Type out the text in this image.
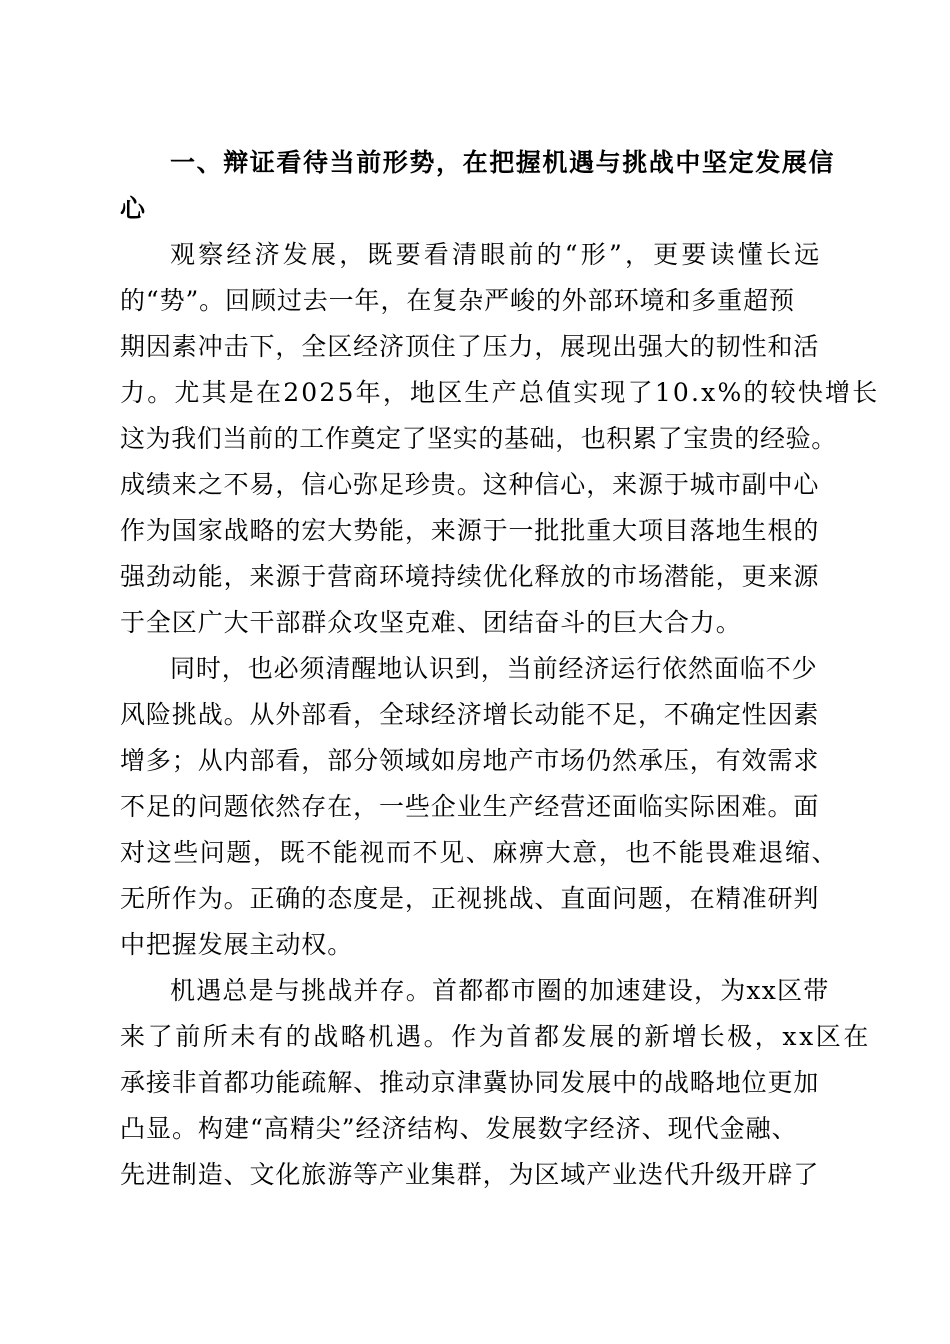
一、辩证看待当前形势，在把握机遇与挑战中坚定发展信
心
观察经济发展，既要看清眼前的“形”，更要读懂长远
的“势”。回顾过去一年，在复杂严峻的外部环境和多重超预
期因素冲击下，全区经济顶住了压力，展现出强大的韧性和活
力。尤其是在2025年，地区生产总值实现了10.x%的较快增长
这为我们当前的工作奠定了坚实的基础，也积累了宝贵的经验。
成绩来之不易，信心弥足珍贵。这种信心，来源于城市副中心
作为国家战略的宏大势能，来源于一批批重大项目落地生根的
强劲动能，来源于营商环境持续优化释放的市场潜能，更来源
于全区广大干部群众攻坚克难、团结奋斗的巨大合力。
同时，也必须清醒地认识到，当前经济运行依然面临不少
风险挑战。从外部看，全球经济增长动能不足，不确定性因素
增多；从内部看，部分领域如房地产市场仍然承压，有效需求
不足的问题依然存在，一些企业生产经营还面临实际困难。面
对这些问题，既不能视而不见、麻痹大意，也不能畏难退缩、
无所作为。正确的态度是，正视挑战、直面问题，在精准研判
中把握发展主动权。
机遇总是与挑战并存。首都都市圈的加速建设，为xx区带
来了前所未有的战略机遇。作为首都发展的新增长极，xx区在
承接非首都功能疏解、推动京津冀协同发展中的战略地位更加
凸显。构建“高精尖”经济结构、发展数字经济、现代金融、
先进制造、文化旅游等产业集群，为区域产业迭代升级开辟了
